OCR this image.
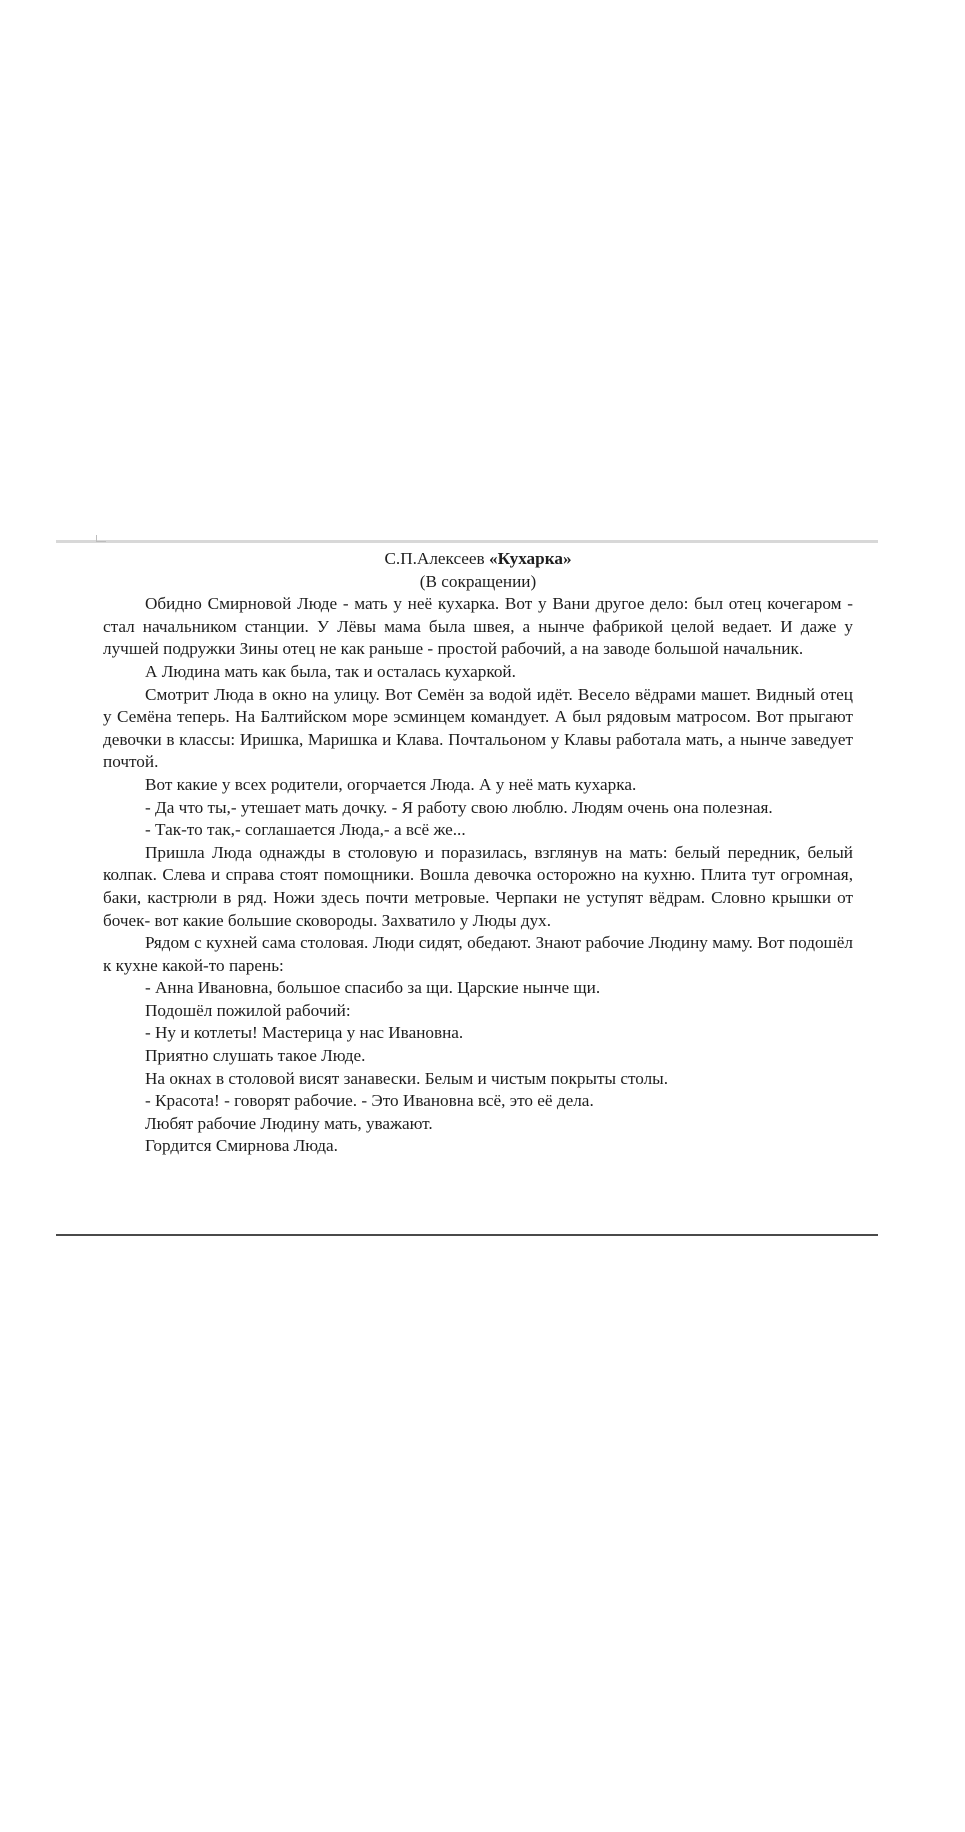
С.П.Алексеев «Кухарка»

(В сокращении)

Обидно Смирновой Люде - мать у неё кухарка. Вот у Вани другое дело: был отец кочегаром - стал начальником станции. У Лёвы мама была швея, а нынче фабрикой целой ведает. И даже у лучшей подружки Зины отец не как раньше - простой рабочий, а на заводе большой начальник.

А Людина мать как была, так и осталась кухаркой.

Смотрит Люда в окно на улицу. Вот Семён за водой идёт. Весело вёдрами машет. Видный отец у Семёна теперь. На Балтийском море эсминцем командует. А был рядовым матросом. Вот прыгают девочки в классы: Иришка, Маришка и Клава. Почтальоном у Клавы работала мать, а нынче заведует почтой.

Вот какие у всех родители, огорчается Люда. А у неё мать кухарка.

- Да что ты,- утешает мать дочку. - Я работу свою люблю. Людям очень она полезная.

- Так-то так,- соглашается Люда,- а всё же...

Пришла Люда однажды в столовую и поразилась, взглянув на мать: белый передник, белый колпак. Слева и справа стоят помощники. Вошла девочка осторожно на кухню. Плита тут огромная, баки, кастрюли в ряд. Ножи здесь почти метровые. Черпаки не уступят вёдрам. Словно крышки от бочек- вот какие большие сковороды. Захватило у Люды дух.

Рядом с кухней сама столовая. Люди сидят, обедают. Знают рабочие Людину маму. Вот подошёл к кухне какой-то парень:

- Анна Ивановна, большое спасибо за щи. Царские нынче щи.

Подошёл пожилой рабочий:

- Ну и котлеты! Мастерица у нас Ивановна.

Приятно слушать такое Люде.

На окнах в столовой висят занавески. Белым и чистым покрыты столы.

- Красота! - говорят рабочие. - Это Ивановна всё, это её дела.

Любят рабочие Людину мать, уважают.

Гордится Смирнова Люда.
